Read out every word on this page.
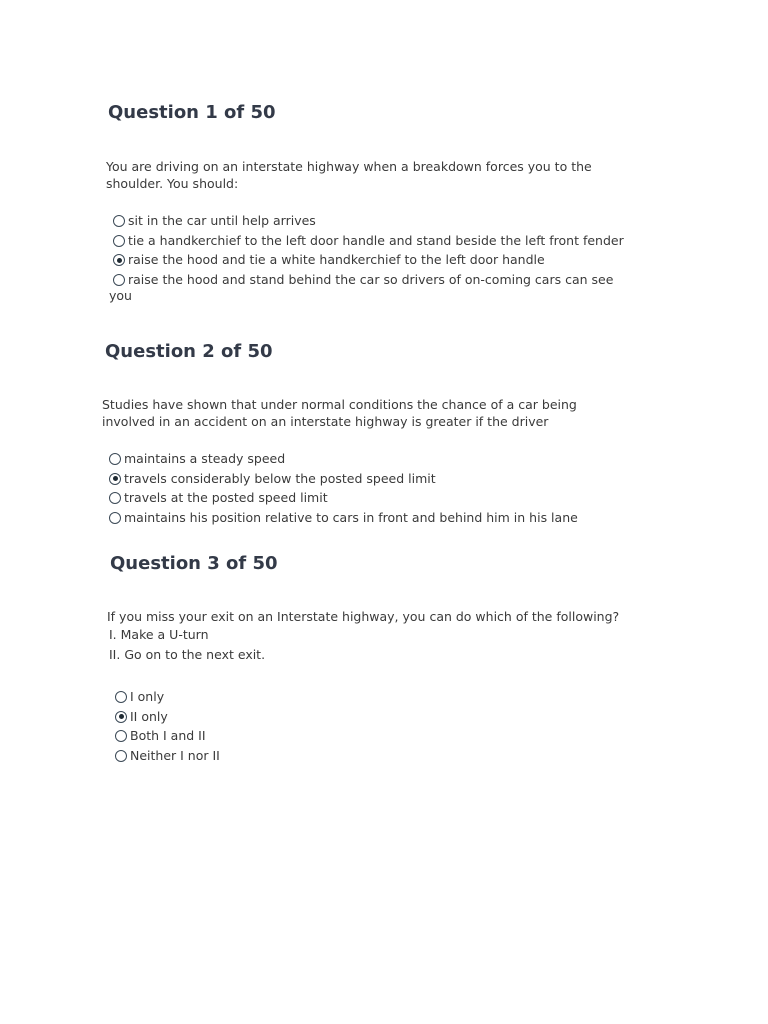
Question 1 of 50

You are driving on an interstate highway when a breakdown forces you to the
shoulder. You should:

sit in the car until help arrives
tie a handkerchief to the left door handle and stand beside the left front fender
raise the hood and tie a white handkerchief to the left door handle
raise the hood and stand behind the car so drivers of on-coming cars can see
you
Question 2 of 50

Studies have shown that under normal conditions the chance of a car being
involved in an accident on an interstate highway is greater if the driver

maintains a steady speed
travels considerably below the posted speed limit
travels at the posted speed limit
maintains his position relative to cars in front and behind him in his lane
Question 3 of 50
If you miss your exit on an Interstate highway, you can do which of the following?
I. Make a U-turn
II. Go on to the next exit.
I only
II only
Both I and II
Neither I nor II
